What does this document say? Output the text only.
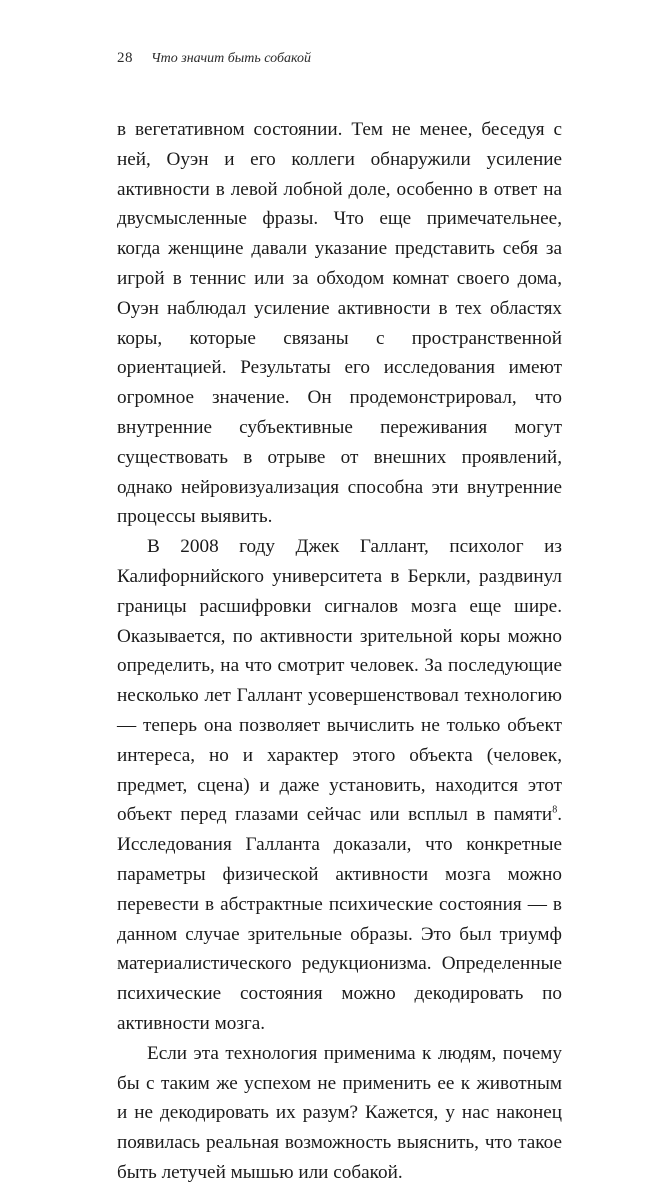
28 Что значит быть собакой

в вегетативном состоянии. Тем не менее, беседуя с ней, Оуэн и его коллеги обнаружили усиление активности в левой лобной доле, особенно в ответ на двусмысленные фразы. Что еще примечательнее, когда женщине давали указание представить себя за игрой в теннис или за обходом комнат своего дома, Оуэн наблюдал усиление активности в тех областях коры, которые связаны с пространственной ориентацией. Результаты его исследования имеют огромное значение. Он продемонстрировал, что внутренние субъективные переживания могут существовать в отрыве от внешних проявлений, однако нейровизуализация способна эти внутренние процессы выявить.

В 2008 году Джек Галлант, психолог из Калифорнийского университета в Беркли, раздвинул границы расшифровки сигналов мозга еще шире. Оказывается, по активности зрительной коры можно определить, на что смотрит человек. За последующие несколько лет Галлант усовершенствовал технологию — теперь она позволяет вычислить не только объект интереса, но и характер этого объекта (человек, предмет, сцена) и даже установить, находится этот объект перед глазами сейчас или всплыл в памяти$^8$. Исследования Галланта доказали, что конкретные параметры физической активности мозга можно перевести в абстрактные психические состояния — в данном случае зрительные образы. Это был триумф материалистического редукционизма. Определенные психические состояния можно декодировать по активности мозга.

Если эта технология применима к людям, почему бы с таким же успехом не применить ее к животным и не декодировать их разум? Кажется, у нас наконец появилась реальная возможность выяснить, что такое быть летучей мышью или собакой.
